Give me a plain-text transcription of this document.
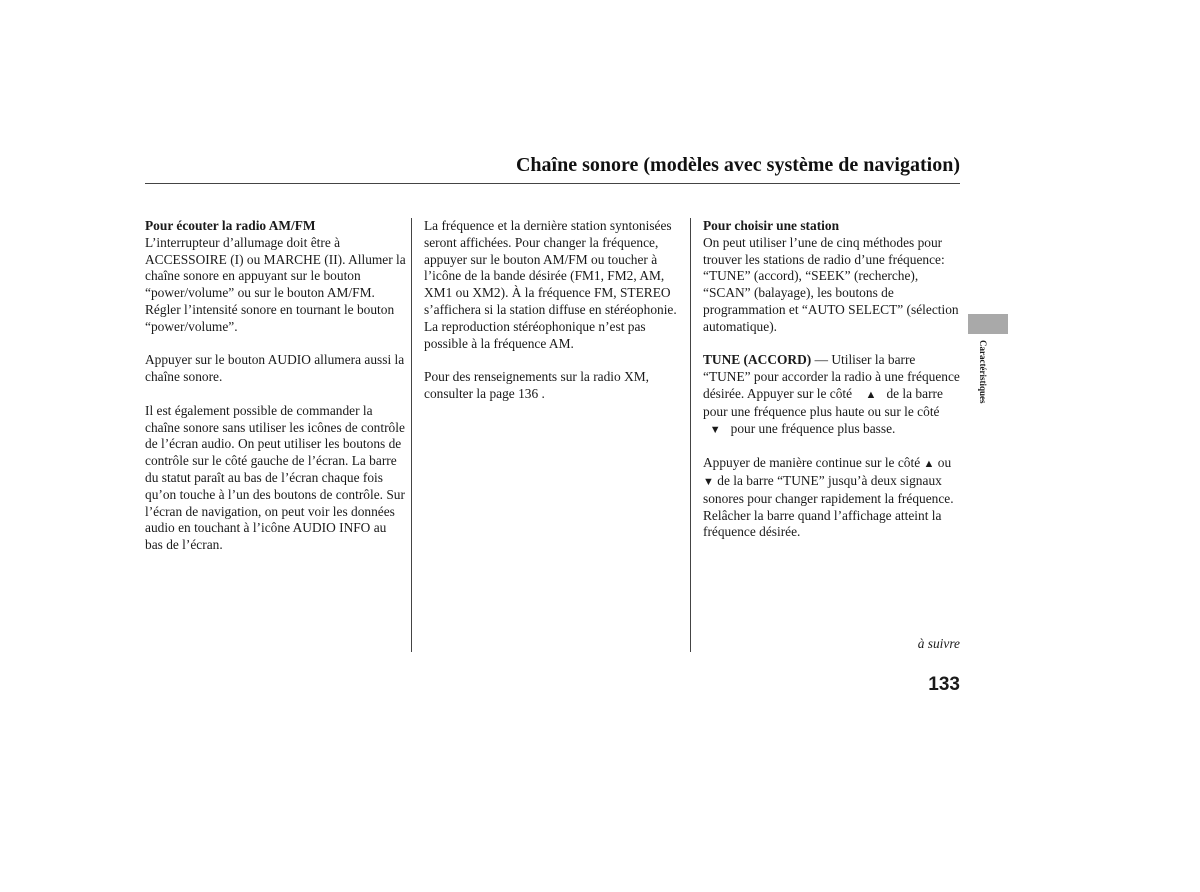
Chaîne sonore (modèles avec système de navigation)

Pour écouter la radio AM/FM
L’interrupteur d’allumage doit être à ACCESSOIRE (I) ou MARCHE (II). Allumer la chaîne sonore en appuyant sur le bouton “power/volume” ou sur le bouton AM/FM. Régler l’intensité sonore en tournant le bouton “power/volume”.

Appuyer sur le bouton AUDIO allumera aussi la chaîne sonore.

Il est également possible de commander la chaîne sonore sans utiliser les icônes de contrôle de l’écran audio. On peut utiliser les boutons de contrôle sur le côté gauche de l’écran. La barre du statut paraît au bas de l’écran chaque fois qu’on touche à l’un des boutons de contrôle. Sur l’écran de navigation, on peut voir les données audio en touchant à l’icône AUDIO INFO au bas de l’écran.

La fréquence et la dernière station syntonisées seront affichées. Pour changer la fréquence, appuyer sur le bouton AM/FM ou toucher à l’icône de la bande désirée (FM1, FM2, AM, XM1 ou XM2). À la fréquence FM, STEREO s’affichera si la station diffuse en stéréophonie. La reproduction stéréophonique n’est pas possible à la fréquence AM.

Pour des renseignements sur la radio XM, consulter la page 136 .

Pour choisir une station
On peut utiliser l’une de cinq méthodes pour trouver les stations de radio d’une fréquence: “TUNE” (accord), “SEEK” (recherche), “SCAN” (balayage), les boutons de programmation et “AUTO SELECT” (sélection automatique).

TUNE (ACCORD) — Utiliser la barre “TUNE” pour accorder la radio à une fréquence désirée. Appuyer sur le côté ▲ de la barre pour une fréquence plus haute ou sur le côté   ▼ pour une fréquence plus basse.

Appuyer de manière continue sur le côté ▲ ou ▼ de la barre “TUNE” jusqu’à deux signaux sonores pour changer rapidement la fréquence. Relâcher la barre quand l’affichage atteint la fréquence désirée.

à suivre

133

Caractéristiques
